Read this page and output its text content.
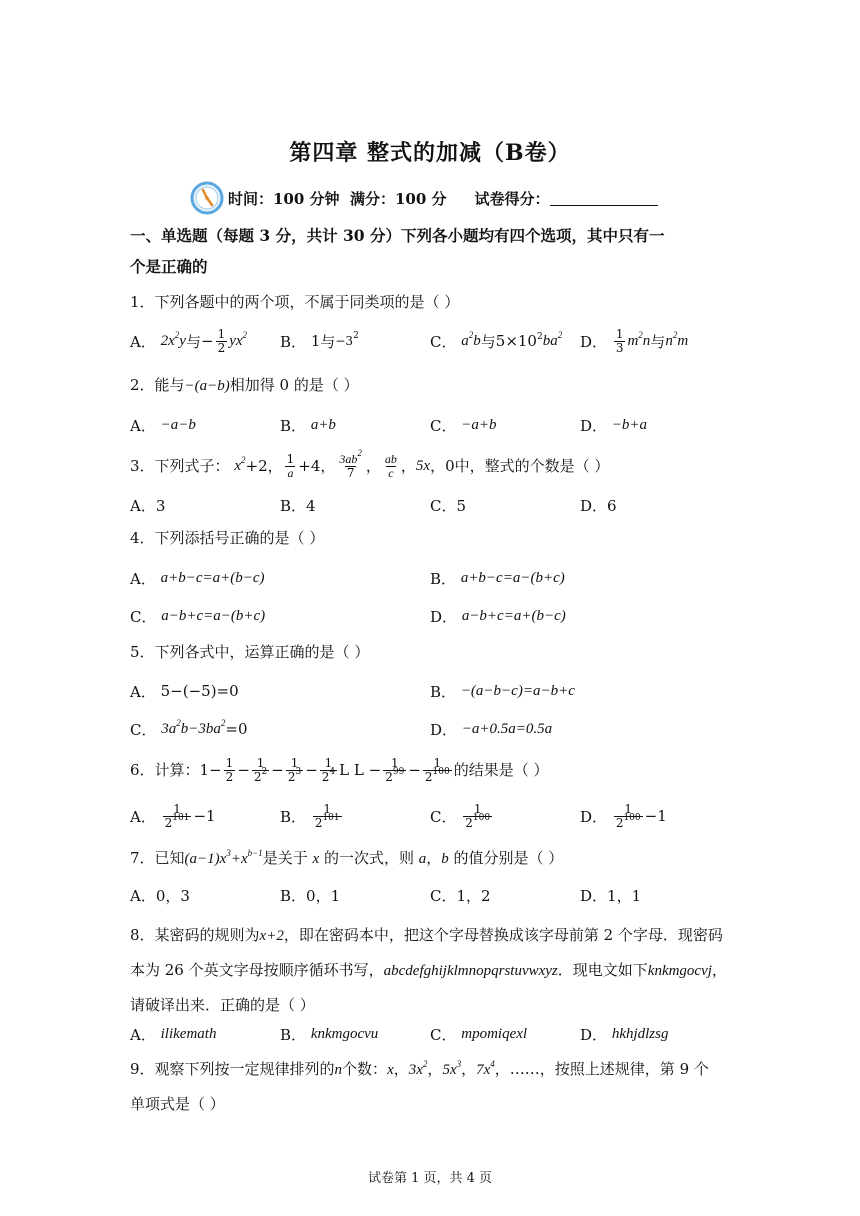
第四章 整式的加减（B卷）
时间：100 分钟
满分：100 分 试卷得分：
一、单选题（每题 3 分，共计 30 分）下列各小题均有四个选项，其中只有一
个是正确的
1．下列各题中的两个项，不属于同类项的是（ ）
A．
$2x^2y$ 与 − $\frac{1}{2} yx^2$ B．
1 与 $-3^2$	C．
$a^2b$ 与 $5\times 10^2$ $ba^2$ D．
$\frac{1}{3} m^2n$ 与 $n^2m$
2．能与−(a−b)相加得 0 的是（ ）
A．
−a−b	B．
a+b	C．
−a+b	D．
−b+a
3．下列式子：
$x^2 +2$， $\frac{1}{a} +4$， $\frac{3ab^2}{7}$ ， $\frac{ab}{c}$ ， 5x ，0 中，整式的个数是（ ）
A．3	B．4	C．5	D．6
4．下列添括号正确的是（ ）
A．
a+b−c=a+(b−c)	B．
a+b−c=a−(b+c)
C．
a−b+c=a−(b+c)	D．
a−b+c=a+(b−c)
5．下列各式中，运算正确的是（ ）
A．
5−(−5)=0	B．
−(a−b−c)=a−b+c
C．
$3a^2b-3ba^2 =0$	D．
−a+0.5a=0.5a
6．计算： $1- \frac{1}{2} - \frac{1}{2^2} - \frac{1}{2^3} - \frac{1}{2^4}$ L $L - \frac{1}{2^{99}} - \frac{1}{2^{100}}$ 的结果是（ ）
A．
$\frac{1}{2^{101}} -1$	B．
$\frac{1}{2^{101}}$	C．
$\frac{1}{2^{100}}$	D．
$\frac{1}{2^{100}} -1$
7．已知$(a-1)x^3+x^{b-1}$是关于 x 的一次式，则 a，b 的值分别是（ ）
A．0，3	B．0，1	C．1，2	D．1，1
8．某密码的规则为x+2，即在密码本中，把这个字母替换成该字母前第 2 个字母．现密码
本为 26 个英文字母按顺序循环书写，abcdefghijklmnopqrstuvwxyz．现电文如下knkmgocvj，
请破译出来．正确的是（ ）
A．
ilikemath	B．
knkmgocvu	C．
mpomiqexl	D．
hkhjdlzsg
9．观察下列按一定规律排列的n个数：x，$3x^2$，$5x^3$，$7x^4$，……，按照上述规律，第 9 个
单项式是（ ）
试卷第 1 页，共 4 页
